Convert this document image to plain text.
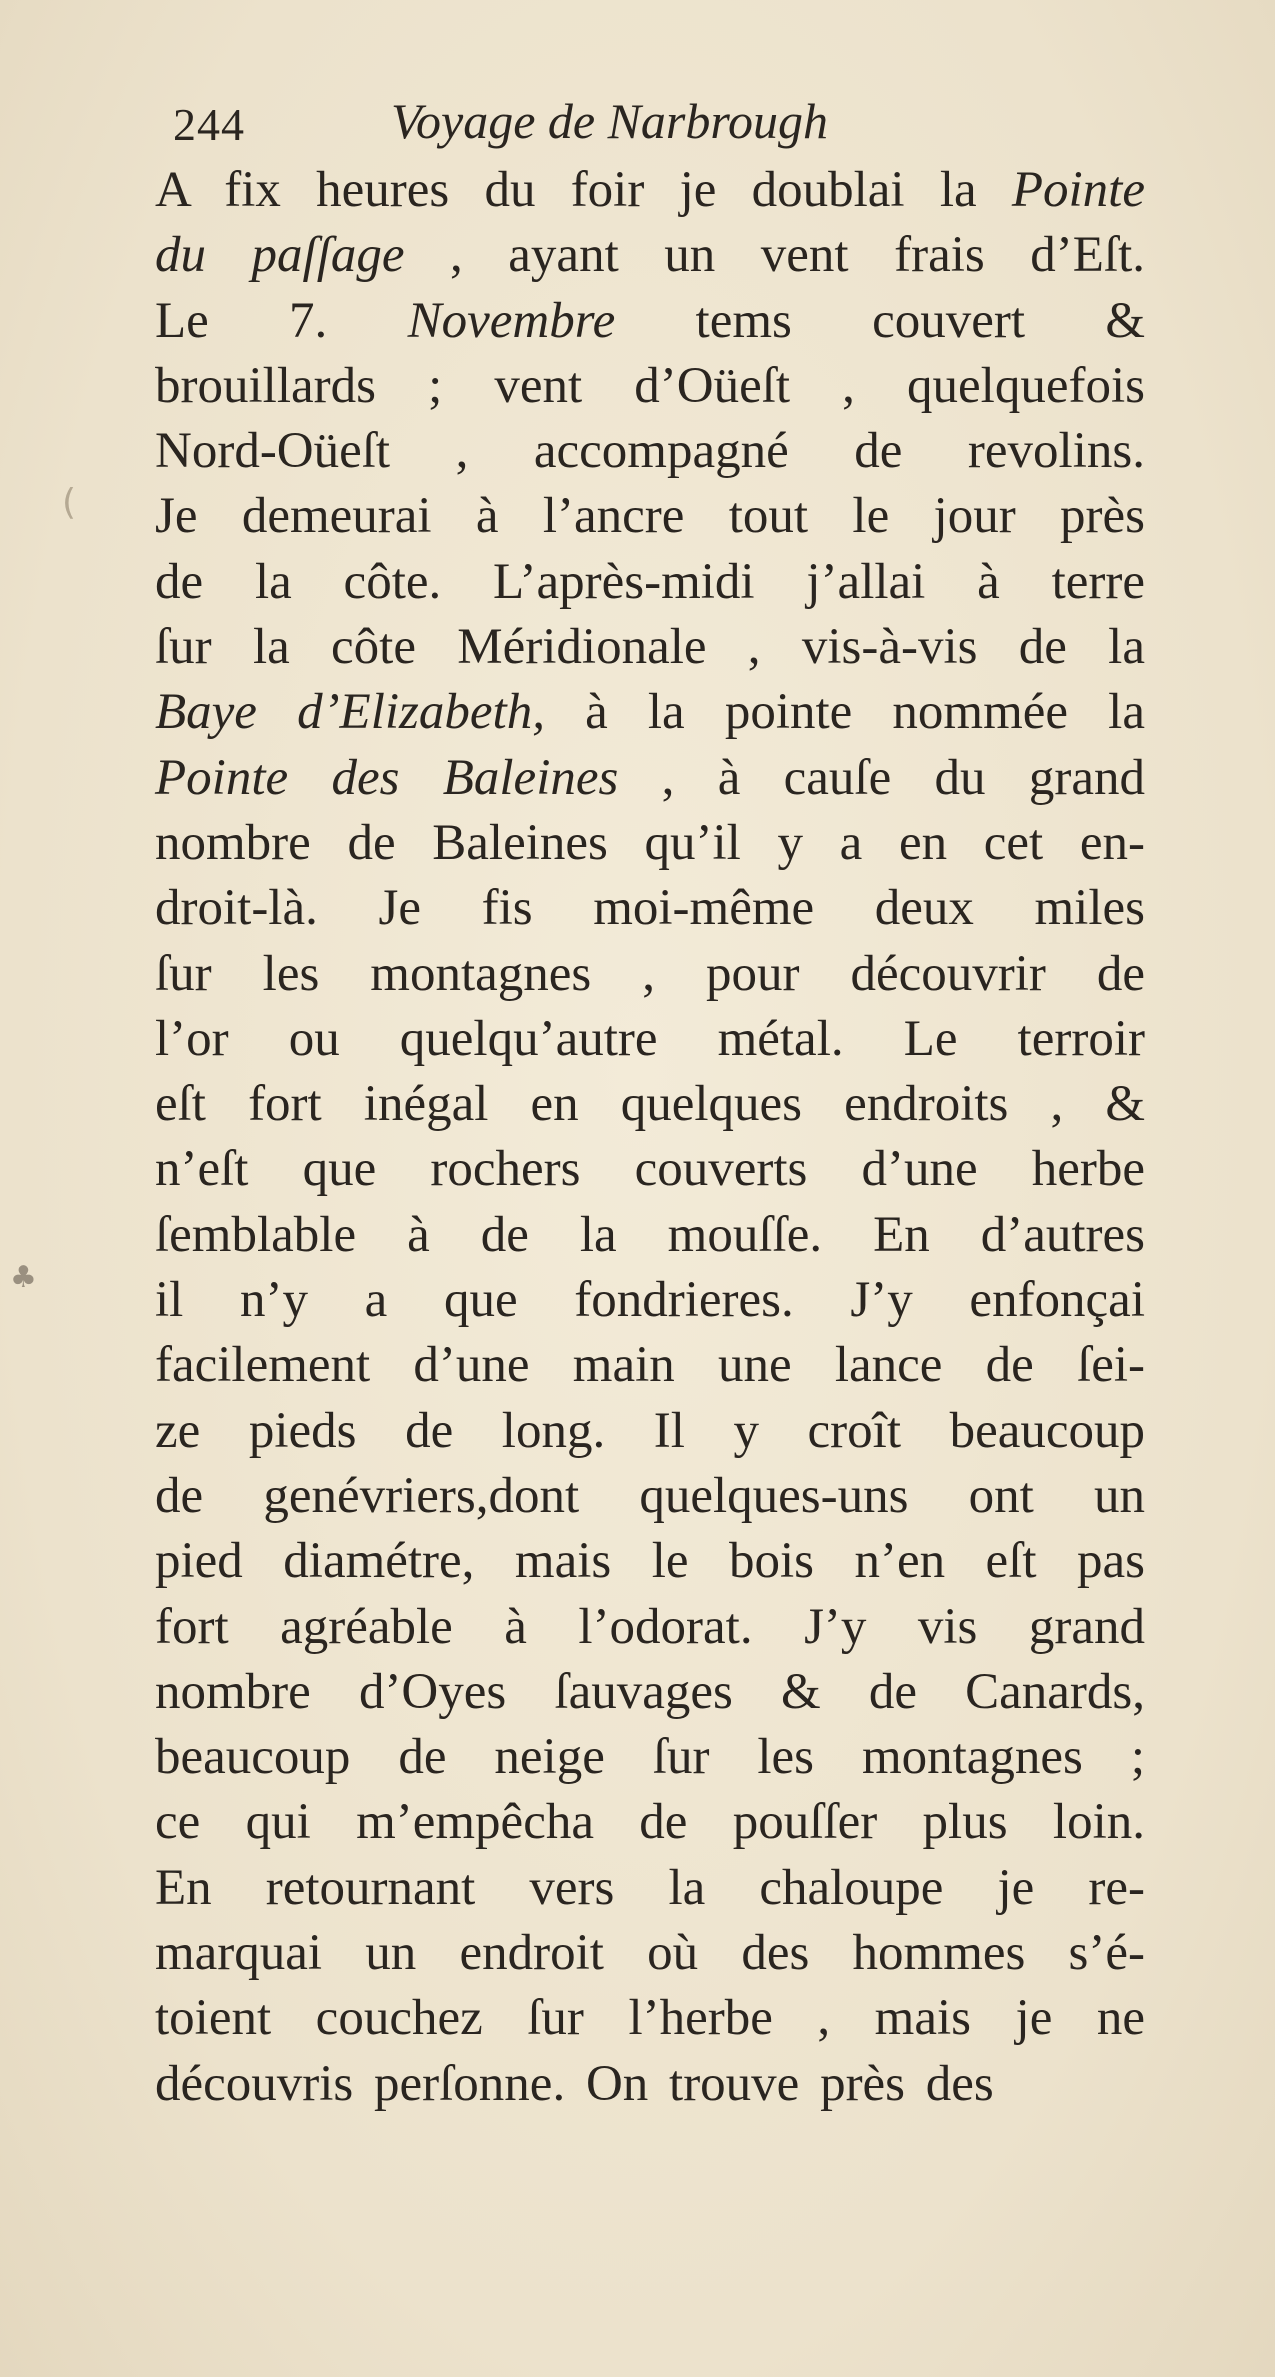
(
♣
244	Voyage de Narbrough
A fix heures du foir je doublai la Pointe
du paſſage , ayant un vent frais d’Eſt.
Le 7. Novembre tems couvert &
brouillards ; vent d’Oüeſt , quelquefois
Nord-Oüeſt , accompagné de revolins.
Je demeurai à l’ancre tout le jour près
de la côte. L’après-midi j’allai à terre
ſur la côte Méridionale , vis-à-vis de la
Baye d’Elizabeth, à la pointe nommée la
Pointe des Baleines , à cauſe du grand
nombre de Baleines qu’il y a en cet en-
droit-là. Je fis moi-même deux miles
ſur les montagnes , pour découvrir de
l’or ou quelqu’autre métal. Le terroir
eſt fort inégal en quelques endroits , &
n’eſt que rochers couverts d’une herbe
ſemblable à de la mouſſe. En d’autres
il n’y a que fondrieres. J’y enfonçai
facilement d’une main une lance de ſei-
ze pieds de long. Il y croît beaucoup
de genévriers,dont quelques-uns ont un
pied diamétre, mais le bois n’en eſt pas
fort agréable à l’odorat. J’y vis grand
nombre d’Oyes ſauvages & de Canards,
beaucoup de neige ſur les montagnes ;
ce qui m’empêcha de pouſſer plus loin.
En retournant vers la chaloupe je re-
marquai un endroit où des hommes s’é-
toient couchez ſur l’herbe , mais je ne
découvris perſonne. On trouve près des
